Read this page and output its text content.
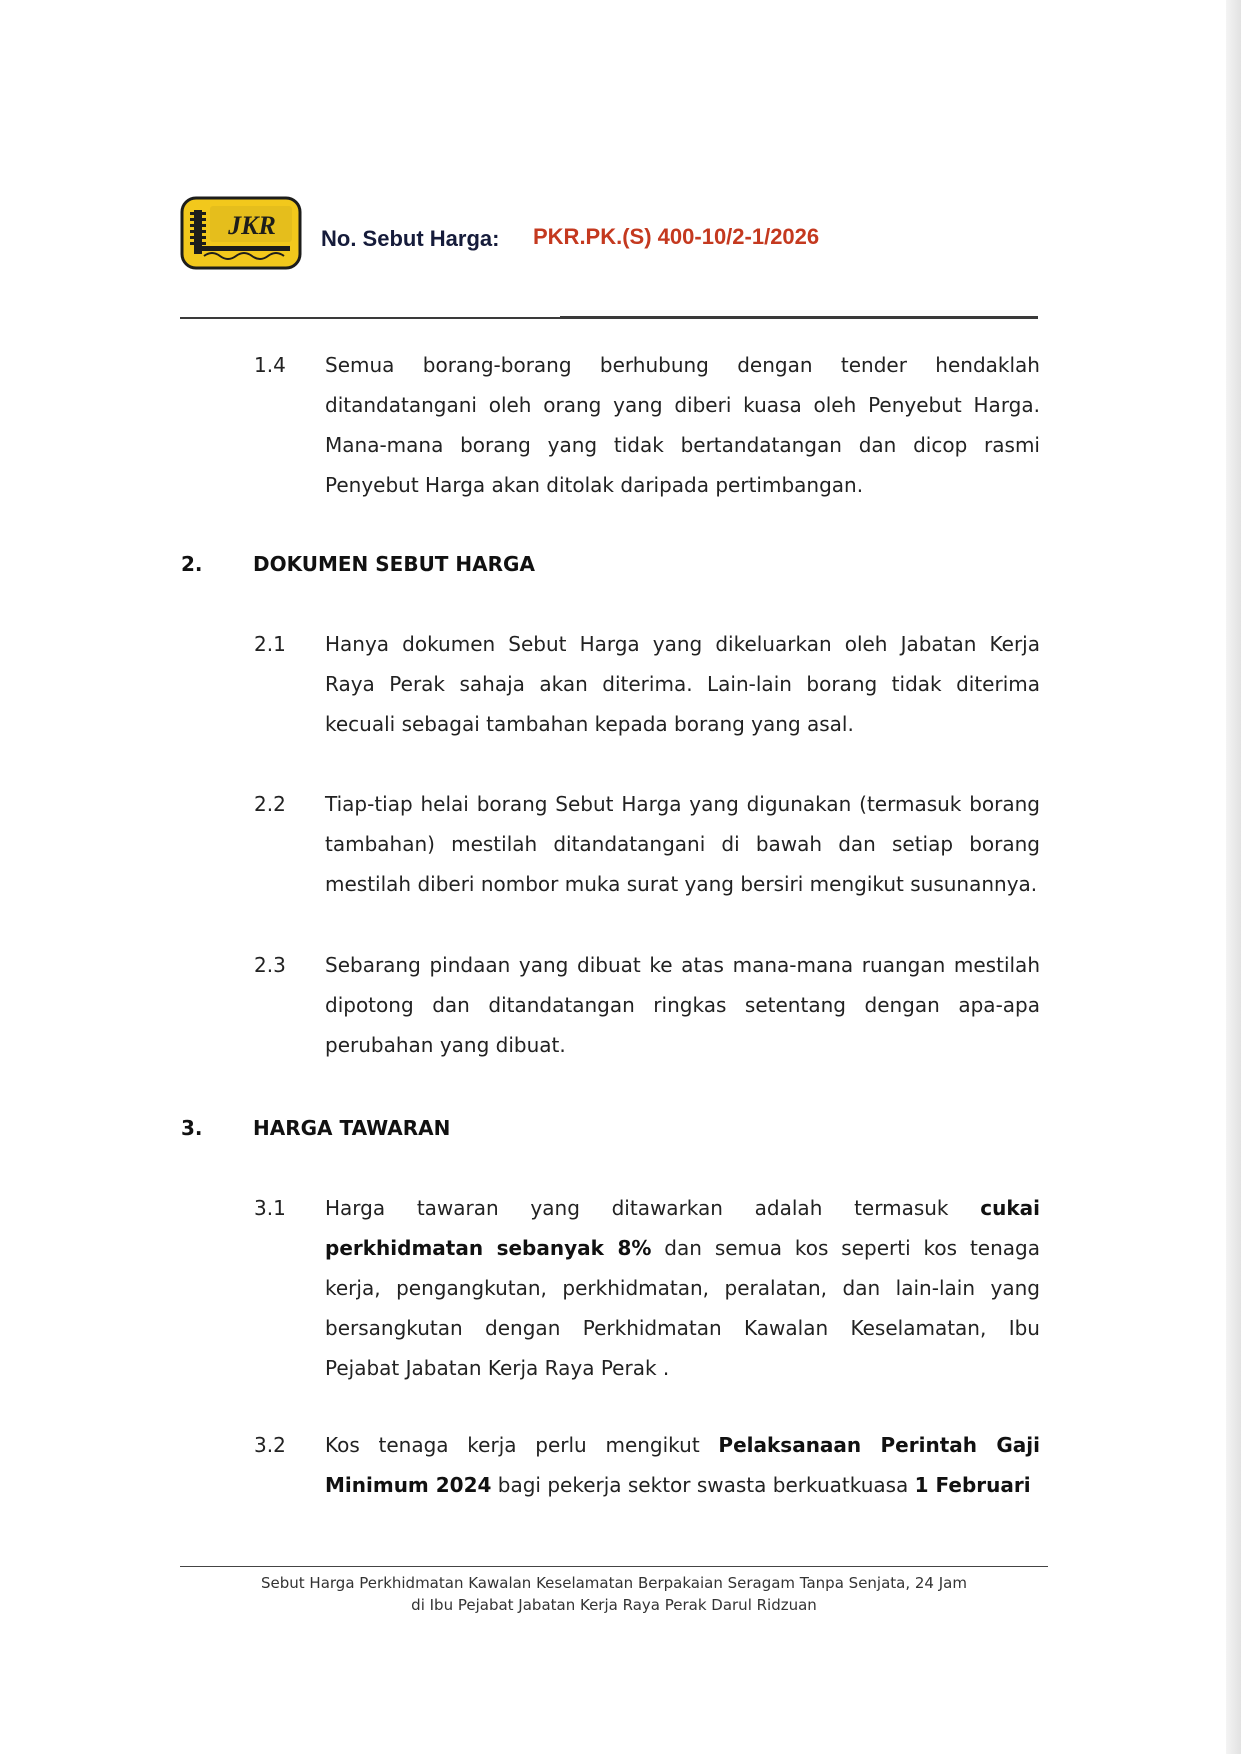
JKR No. Sebut Harga: PKR.PK.(S) 400-10/2-1/2026
1.4 Semua borang-borang berhubung dengan tender hendaklah ditandatangani oleh orang yang diberi kuasa oleh Penyebut Harga. Mana-mana borang yang tidak bertandatangan dan dicop rasmi Penyebut Harga akan ditolak daripada pertimbangan.

2.	DOKUMEN SEBUT HARGA
2.1 Hanya dokumen Sebut Harga yang dikeluarkan oleh Jabatan Kerja Raya Perak sahaja akan diterima. Lain-lain borang tidak diterima kecuali sebagai tambahan kepada borang yang asal.

2.2 Tiap-tiap helai borang Sebut Harga yang digunakan (termasuk borang tambahan) mestilah ditandatangani di bawah dan setiap borang mestilah diberi nombor muka surat yang bersiri mengikut susunannya.

2.3 Sebarang pindaan yang dibuat ke atas mana-mana ruangan mestilah dipotong dan ditandatangan ringkas setentang dengan apa-apa perubahan yang dibuat.

3.	HARGA TAWARAN
3.1 Harga tawaran yang ditawarkan adalah termasuk cukai perkhidmatan sebanyak 8% dan semua kos seperti kos tenaga kerja, pengangkutan, perkhidmatan, peralatan, dan lain-lain yang bersangkutan dengan Perkhidmatan Kawalan Keselamatan, Ibu Pejabat Jabatan Kerja Raya Perak .

3.2 Kos tenaga kerja perlu mengikut Pelaksanaan Perintah Gaji Minimum 2024 bagi pekerja sektor swasta berkuatkuasa 1 Februari

Sebut Harga Perkhidmatan Kawalan Keselamatan Berpakaian Seragam Tanpa Senjata, 24 Jam
di Ibu Pejabat Jabatan Kerja Raya Perak Darul Ridzuan
